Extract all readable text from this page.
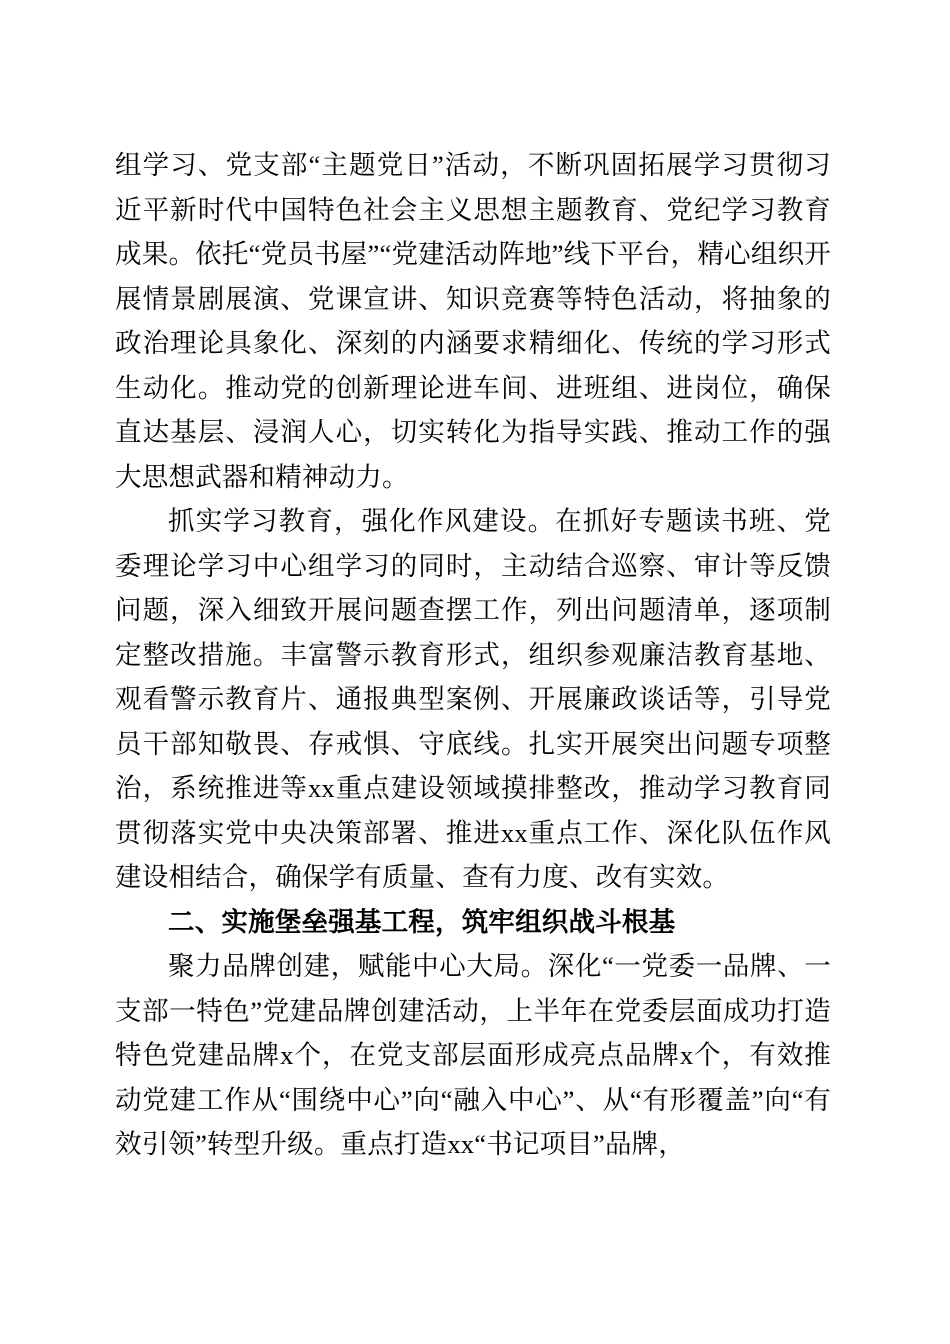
组学习、党支部“主题党日”活动，不断巩固拓展学习贯彻习近平新时代中国特色社会主义思想主题教育、党纪学习教育成果。依托“党员书屋”“党建活动阵地”线下平台，精心组织开展情景剧展演、党课宣讲、知识竞赛等特色活动，将抽象的政治理论具象化、深刻的内涵要求精细化、传统的学习形式生动化。推动党的创新理论进车间、进班组、进岗位，确保直达基层、浸润人心，切实转化为指导实践、推动工作的强大思想武器和精神动力。

抓实学习教育，强化作风建设。在抓好专题读书班、党委理论学习中心组学习的同时，主动结合巡察、审计等反馈问题，深入细致开展问题查摆工作，列出问题清单，逐项制定整改措施。丰富警示教育形式，组织参观廉洁教育基地、观看警示教育片、通报典型案例、开展廉政谈话等，引导党员干部知敬畏、存戒惧、守底线。扎实开展突出问题专项整治，系统推进等xx重点建设领域摸排整改，推动学习教育同贯彻落实党中央决策部署、推进xx重点工作、深化队伍作风建设相结合，确保学有质量、查有力度、改有实效。

二、实施堡垒强基工程，筑牢组织战斗根基

聚力品牌创建，赋能中心大局。深化“一党委一品牌、一支部一特色”党建品牌创建活动，上半年在党委层面成功打造特色党建品牌x个，在党支部层面形成亮点品牌x个，有效推动党建工作从“围绕中心”向“融入中心”、从“有形覆盖”向“有效引领”转型升级。重点打造xx“书记项目”品牌，
